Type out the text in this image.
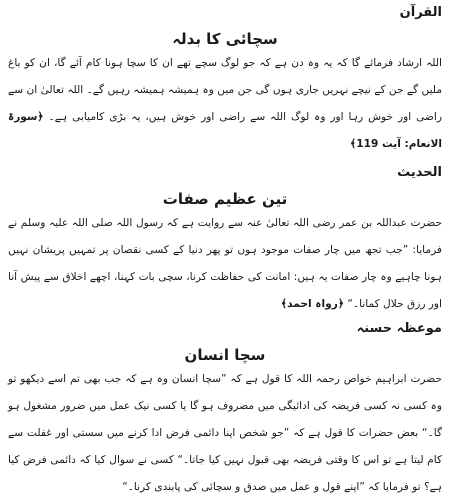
القرآن
سچائی کا بدلہ

اللہ ارشاد فرمائے گا کہ یہ وہ دن ہے کہ جو لوگ سچے تھے ان کا سچا ہونا کام آئے گا، ان کو باغ ملیں گے جن کے نیچے نہریں جاری ہوں گی جن میں وہ ہمیشہ ہمیشہ رہیں گے۔ اللہ تعالیٰ ان سے راضی اور خوش رہا اور وہ لوگ اللہ سے راضی اور خوش ہیں، یہ بڑی کامیابی ہے۔ ﴿سورۃ الانعام: آیت 119﴾

الحدیث
تین عظیم صفات

حضرت عبداللہ بن عمر رضی اللہ تعالیٰ عنہ سے روایت ہے کہ رسول اللہ صلی اللہ علیہ وسلم نے فرمایا: ”جب تجھ میں چار صفات موجود ہوں تو پھر دنیا کے کسی نقصان پر تمہیں پریشان نہیں ہونا چاہیے وہ چار صفات یہ ہیں: امانت کی حفاظت کرنا، سچی بات کہنا، اچھے اخلاق سے پیش آنا اور رزق حلال کمانا۔“ ﴿رواہ احمد﴾

موعظہ حسنہ
سچا انسان

حضرت ابراہیم خواص رحمہ اللہ کا قول ہے کہ ”سچا انسان وہ ہے کہ جب بھی تم اسے دیکھو تو وہ کسی نہ کسی فریضہ کی ادائیگی میں مصروف ہو گا یا کسی نیک عمل میں ضرور مشغول ہو گا۔“ بعض حضرات کا قول ہے کہ ”جو شخص اپنا دائمی فرض ادا کرنے میں سستی اور غفلت سے کام لیتا ہے تو اس کا وقتی فریضہ بھی قبول نہیں کیا جاتا۔“ کسی نے سوال کیا کہ دائمی فرض کیا ہے؟ تو فرمایا کہ ”اپنے قول و عمل میں صدق و سچائی کی پابندی کرنا۔“
